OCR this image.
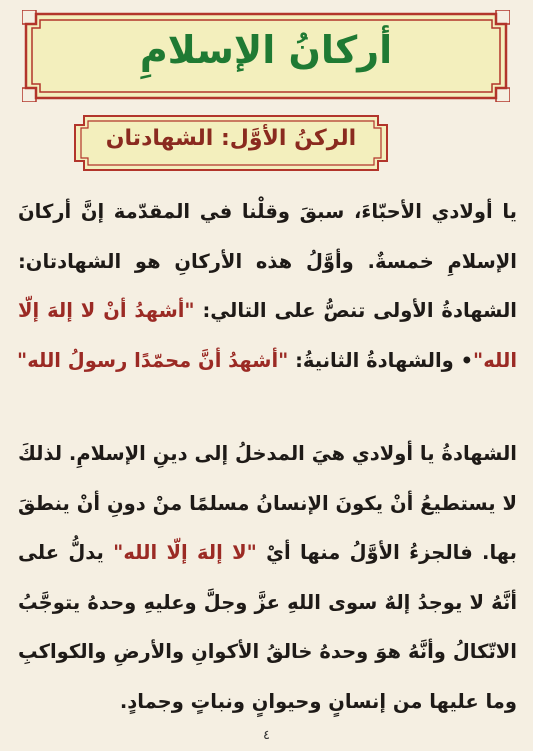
أركانُ الإسلامِ
الركنُ الأوَّل: الشهادتان
يا أولادي الأحبّاءَ، سبقَ وقلْنا في المقدّمة إنَّ أركانَ
الإسلامِ خمسةٌ. وأوَّلُ هذه الأركانِ هو الشهادتان:
الشهادةُ الأولى تنصُّ على التالي: "أشهدُ أنْ لا إلهَ إلّا
الله"• والشهادةُ الثانيةُ: "أشهدُ أنَّ محمّدًا رسولُ الله"
الشهادةُ يا أولادي هيَ المدخلُ إلى دينِ الإسلامِ. لذلكَ
لا يستطيعُ أنْ يكونَ الإنسانُ مسلمًا منْ دونِ أنْ ينطقَ
بها. فالجزءُ الأوَّلُ منها أيْ "لا إلهَ إلّا الله" يدلُّ على
أنَّهُ لا يوجدُ إلهٌ سوى اللهِ عزَّ وجلَّ وعليهِ وحدهُ يتوجَّبُ
الاتّكالُ وأنَّهُ هوَ وحدهُ خالقُ الأكوانِ والأرضِ والكواكبِ
وما عليها من إنسانٍ وحيوانٍ ونباتٍ وجمادٍ.
٤
